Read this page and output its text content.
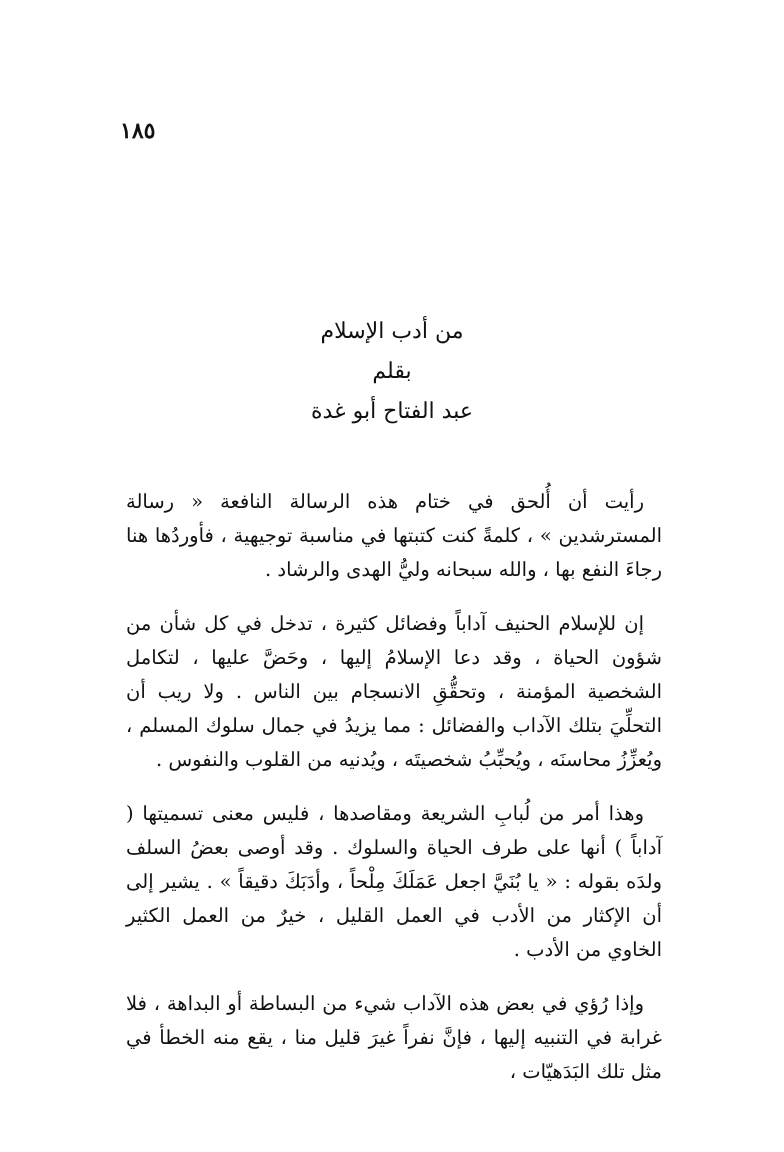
١٨٥
من أدب الإسلام
بقلم
عبد الفتاح أبو غدة

رأيت أن أُلحق في ختام هذه الرسالة النافعة « رسالة المسترشدين » ، كلمةً كنت كتبتها في مناسبة توجيهية ، فأوردُها هنا رجاءَ النفع بها ، والله سبحانه وليُّ الهدى والرشاد .

إن للإسلام الحنيف آداباً وفضائل كثيرة ، تدخل في كل شأن من شؤون الحياة ، وقد دعا الإسلامُ إليها ، وحَضَّ عليها ، لتكامل الشخصية المؤمنة ، وتحقُّقِ الانسجام بين الناس . ولا ريب أن التحلِّيَ بتلك الآداب والفضائل : مما يزيدُ في جمال سلوك المسلم ، ويُعزِّزُ محاسنَه ، ويُحبِّبُ شخصيتَه ، ويُدنيه من القلوب والنفوس .

وهذا أمر من لُبابِ الشريعة ومقاصدها ، فليس معنى تسميتها ( آداباً ) أنها على طرف الحياة والسلوك . وقد أوصى بعضُ السلف ولدَه بقوله : « يا بُنَيَّ اجعل عَمَلَكَ مِلْحاً ، وأدَبَكَ دقيقاً » . يشير إلى أن الإكثار من الأدب في العمل القليل ، خيرٌ من العمل الكثير الخاوي من الأدب .

وإذا رُؤي في بعض هذه الآداب شيء من البساطة أو البداهة ، فلا غرابة في التنبيه إليها ، فإنَّ نفراً غيرَ قليل منا ، يقع منه الخطأ في مثل تلك البَدَهيّات ،
